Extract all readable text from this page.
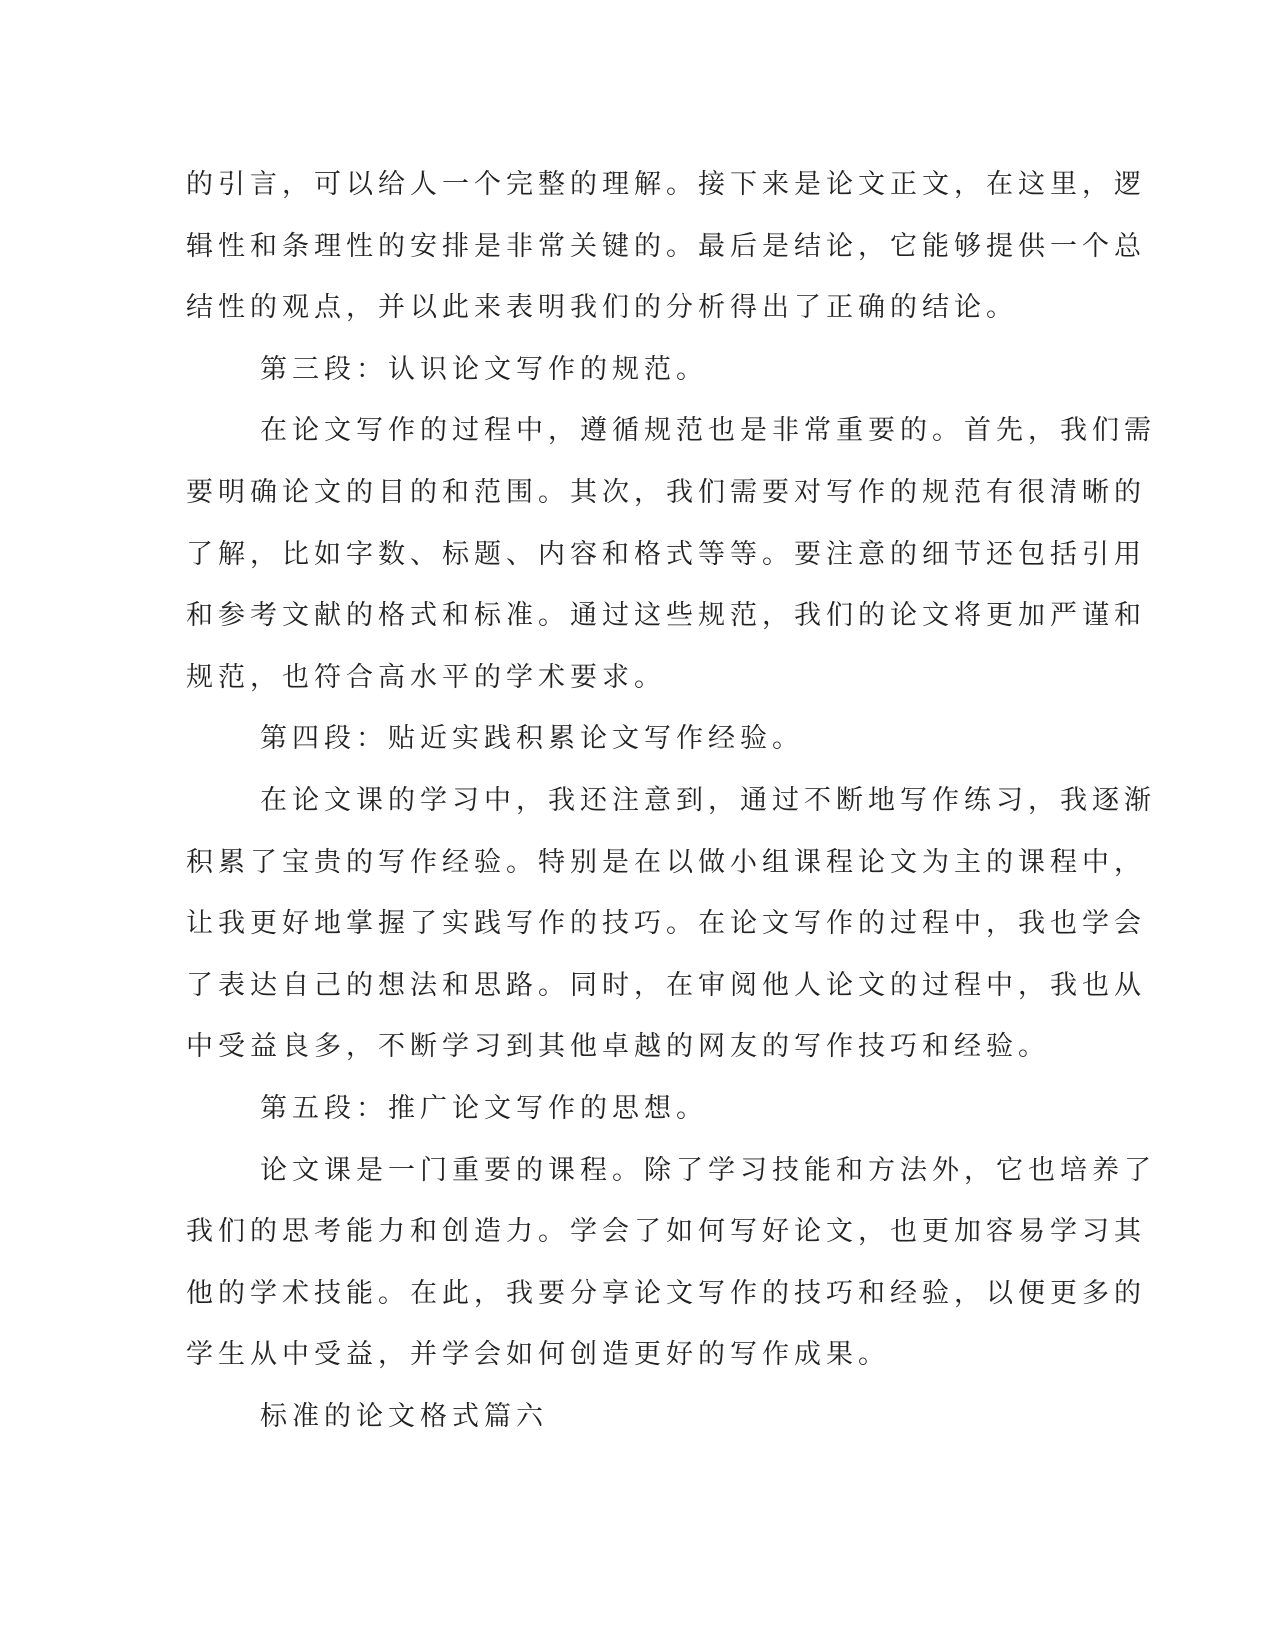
的引言，可以给人一个完整的理解。接下来是论文正文，在这里，逻
辑性和条理性的安排是非常关键的。最后是结论，它能够提供一个总
结性的观点，并以此来表明我们的分析得出了正确的结论。
第三段：认识论文写作的规范。
在论文写作的过程中，遵循规范也是非常重要的。首先，我们需
要明确论文的目的和范围。其次，我们需要对写作的规范有很清晰的
了解，比如字数、标题、内容和格式等等。要注意的细节还包括引用
和参考文献的格式和标准。通过这些规范，我们的论文将更加严谨和
规范，也符合高水平的学术要求。
第四段：贴近实践积累论文写作经验。
在论文课的学习中，我还注意到，通过不断地写作练习，我逐渐
积累了宝贵的写作经验。特别是在以做小组课程论文为主的课程中，
让我更好地掌握了实践写作的技巧。在论文写作的过程中，我也学会
了表达自己的想法和思路。同时，在审阅他人论文的过程中，我也从
中受益良多，不断学习到其他卓越的网友的写作技巧和经验。
第五段：推广论文写作的思想。
论文课是一门重要的课程。除了学习技能和方法外，它也培养了
我们的思考能力和创造力。学会了如何写好论文，也更加容易学习其
他的学术技能。在此，我要分享论文写作的技巧和经验，以便更多的
学生从中受益，并学会如何创造更好的写作成果。
标准的论文格式篇六
